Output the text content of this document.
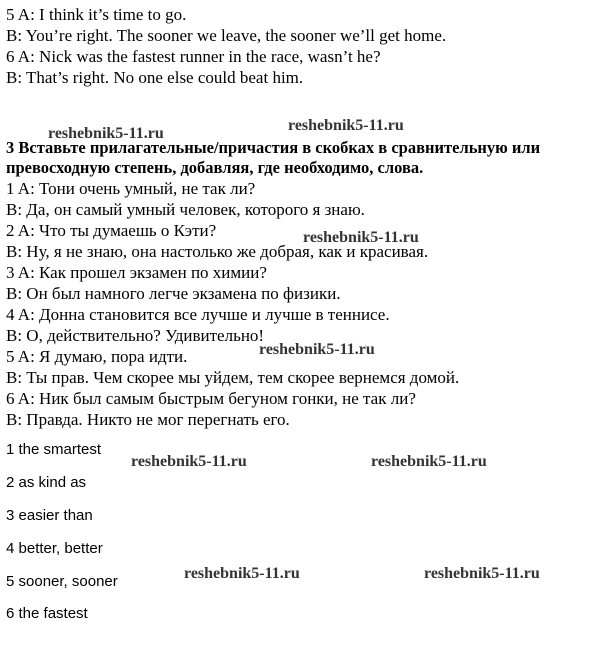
5 A: I think it’s time to go.
B: You’re right. The sooner we leave, the sooner we’ll get home.
6 A: Nick was the fastest runner in the race, wasn’t he?
B: That’s right. No one else could beat him.
3 Вставьте прилагательные/причастия в скобках в сравнительную или
превосходную степень, добавляя, где необходимо, слова.
1 A: Тони очень умный, не так ли?
B: Да, он самый умный человек, которого я знаю.
2 A: Что ты думаешь о Кэти?
B: Ну, я не знаю, она настолько же добрая, как и красивая.
3 A: Как прошел экзамен по химии?
B: Он был намного легче экзамена по физики.
4 A: Донна становится все лучше и лучше в теннисе.
B: О, действительно? Удивительно!
5 A: Я думаю, пора идти.
B: Ты прав. Чем скорее мы уйдем, тем скорее вернемся домой.
6 A: Ник был самым быстрым бегуном гонки, не так ли?
B: Правда. Никто не мог перегнать его.
1 the smartest
2 as kind as
3 easier than
4 better, better
5 sooner, sooner
6 the fastest
reshebnik5-11.ru	reshebnik5-11.ru
reshebnik5-11.ru
reshebnik5-11.ru
reshebnik5-11.ru	reshebnik5-11.ru
reshebnik5-11.ru	reshebnik5-11.ru
